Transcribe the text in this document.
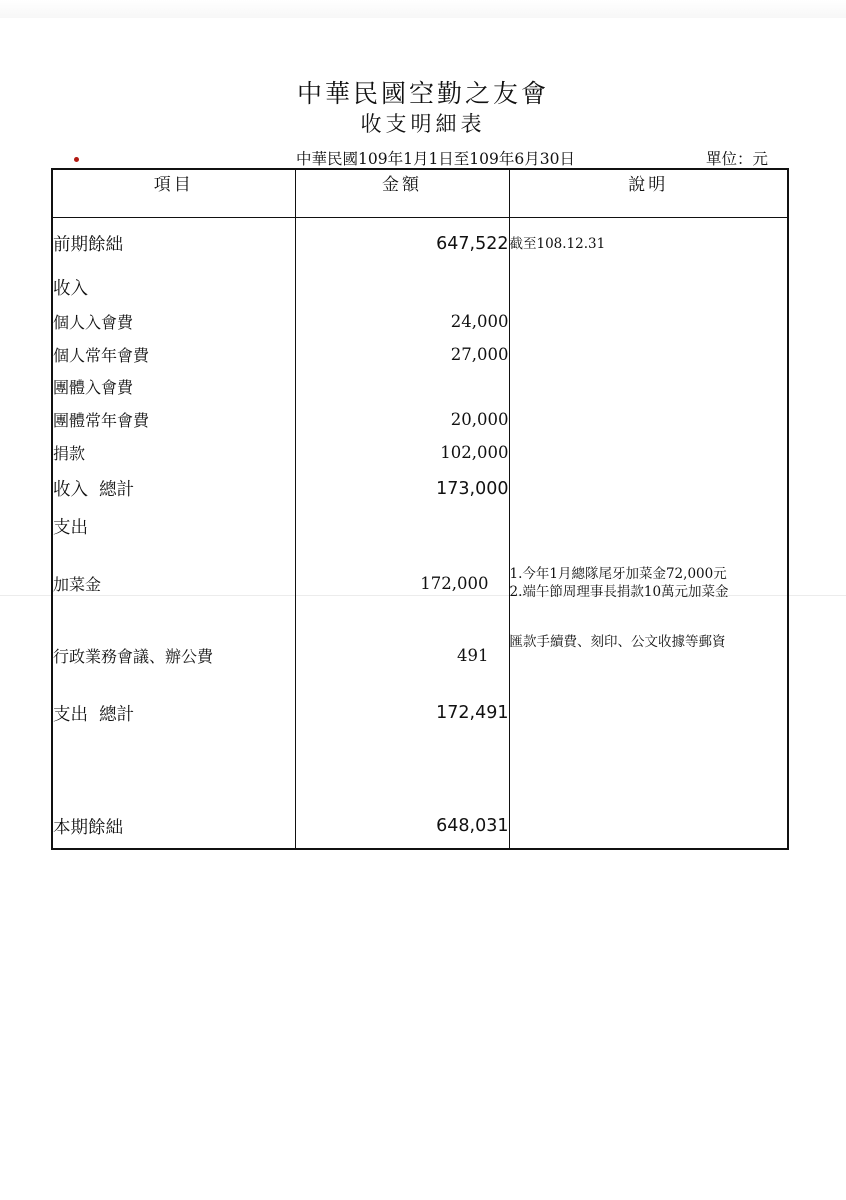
中華民國空勤之友會
收支明細表
中華民國109年1月1日至109年6月30日	單位：元
項目	金額	說明
前期餘絀	647,522	截至108.12.31
收入		
個人入會費	24,000	
個人常年會費	27,000	
團體入會費		
團體常年會費	20,000	
捐款	102,000	
收入  總計	173,000	
支出		
加菜金	172,000	1.今年1月總隊尾牙加菜金72,000元
2.端午節周理事長捐款10萬元加菜金
行政業務會議、辦公費	491	匯款手續費、刻印、公文收據等郵資
支出  總計	172,491	

本期餘絀	648,031	
